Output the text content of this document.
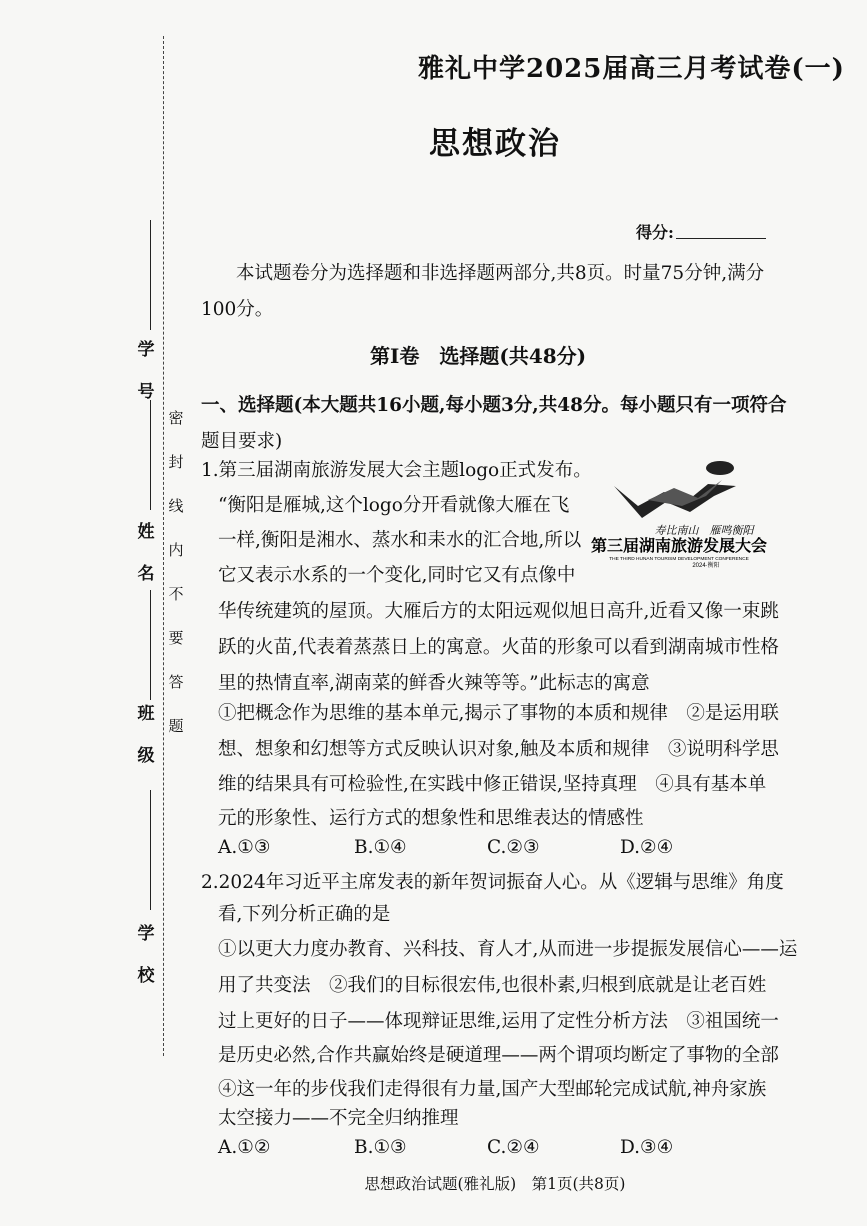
学
号
姓
名
班
级
学
校
密
封
线
内
不
要
答
题
雅礼中学2025届高三月考试卷(一)
思想政治
得分:
本试题卷分为选择题和非选择题两部分,共8页。时量75分钟,满分
100分。
第Ⅰ卷　选择题(共48分)
一、选择题(本大题共16小题,每小题3分,共48分。每小题只有一项符合
题目要求)
1.第三届湖南旅游发展大会主题logo正式发布。
“衡阳是雁城,这个logo分开看就像大雁在飞
一样,衡阳是湘水、蒸水和耒水的汇合地,所以
它又表示水系的一个变化,同时它又有点像中
寿比南山　雁鸣衡阳
第三届湖南旅游发展大会
THE THIRD HUNAN TOURISM DEVELOPMENT CONFERENCE
2024·衡阳
华传统建筑的屋顶。大雁后方的太阳远观似旭日高升,近看又像一束跳
跃的火苗,代表着蒸蒸日上的寓意。火苗的形象可以看到湖南城市性格
里的热情直率,湖南菜的鲜香火辣等等。”此标志的寓意
①把概念作为思维的基本单元,揭示了事物的本质和规律　②是运用联
想、想象和幻想等方式反映认识对象,触及本质和规律　③说明科学思
维的结果具有可检验性,在实践中修正错误,坚持真理　④具有基本单
元的形象性、运行方式的想象性和思维表达的情感性
A.①③	B.①④	C.②③	D.②④
2.2024年习近平主席发表的新年贺词振奋人心。从《逻辑与思维》角度
看,下列分析正确的是
①以更大力度办教育、兴科技、育人才,从而进一步提振发展信心——运
用了共变法　②我们的目标很宏伟,也很朴素,归根到底就是让老百姓
过上更好的日子——体现辩证思维,运用了定性分析方法　③祖国统一
是历史必然,合作共赢始终是硬道理——两个谓项均断定了事物的全部
④这一年的步伐我们走得很有力量,国产大型邮轮完成试航,神舟家族
太空接力——不完全归纳推理
A.①②	B.①③	C.②④	D.③④
思想政治试题(雅礼版)　第1页(共8页)
